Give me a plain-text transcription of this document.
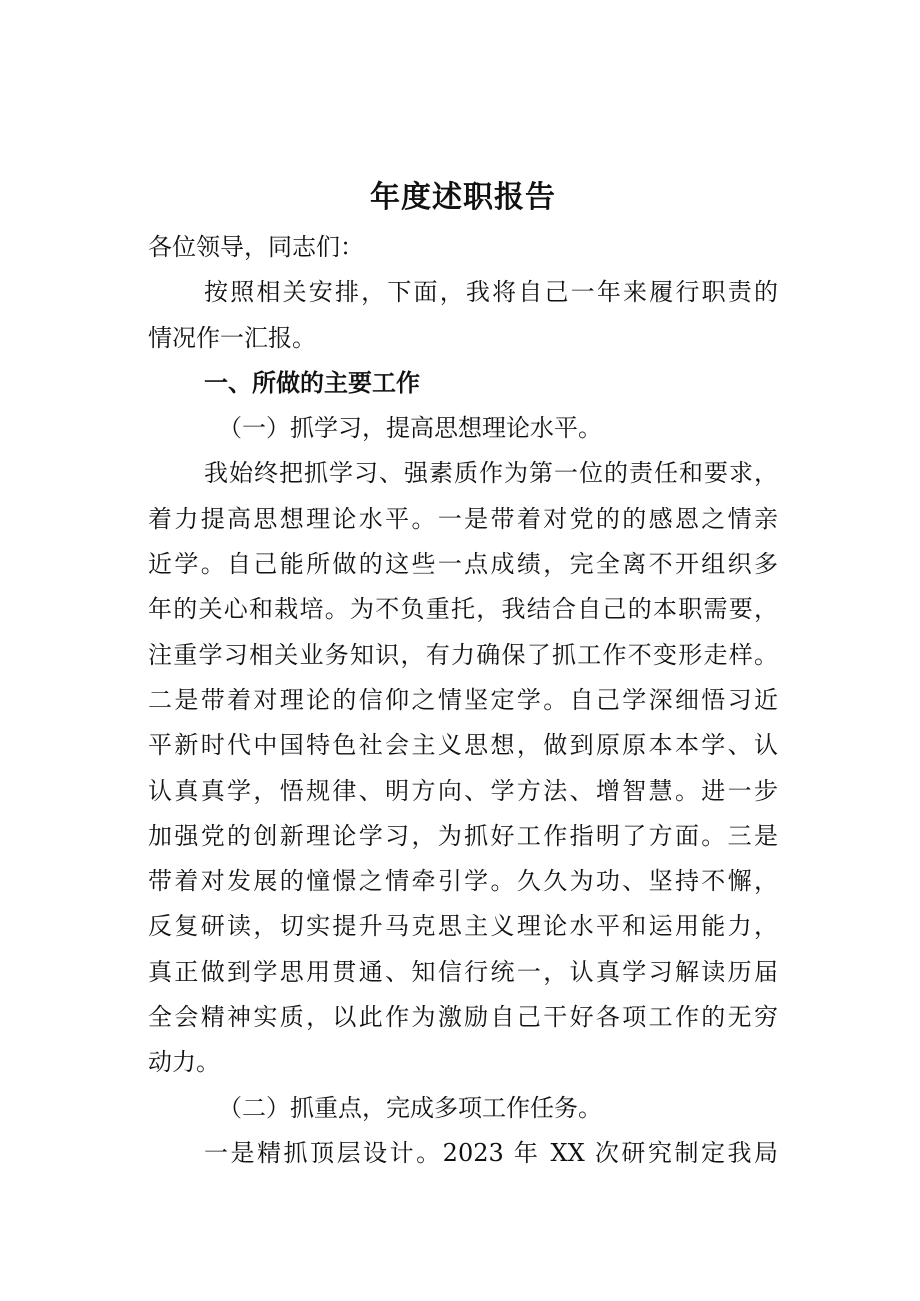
年度述职报告
各位领导，同志们：
按照相关安排，下面，我将自己一年来履行职责的
情况作一汇报。
一、所做的主要工作
（一）抓学习，提高思想理论水平。
我始终把抓学习、强素质作为第一位的责任和要求，
着力提高思想理论水平。一是带着对党的的感恩之情亲
近学。自己能所做的这些一点成绩，完全离不开组织多
年的关心和栽培。为不负重托，我结合自己的本职需要，
注重学习相关业务知识，有力确保了抓工作不变形走样。
二是带着对理论的信仰之情坚定学。自己学深细悟习近
平新时代中国特色社会主义思想，做到原原本本学、认
认真真学，悟规律、明方向、学方法、增智慧。进一步
加强党的创新理论学习，为抓好工作指明了方面。三是
带着对发展的憧憬之情牵引学。久久为功、坚持不懈，
反复研读，切实提升马克思主义理论水平和运用能力，
真正做到学思用贯通、知信行统一，认真学习解读历届
全会精神实质，以此作为激励自己干好各项工作的无穷
动力。
（二）抓重点，完成多项工作任务。
一是精抓顶层设计。2023 年 XX 次研究制定我局
